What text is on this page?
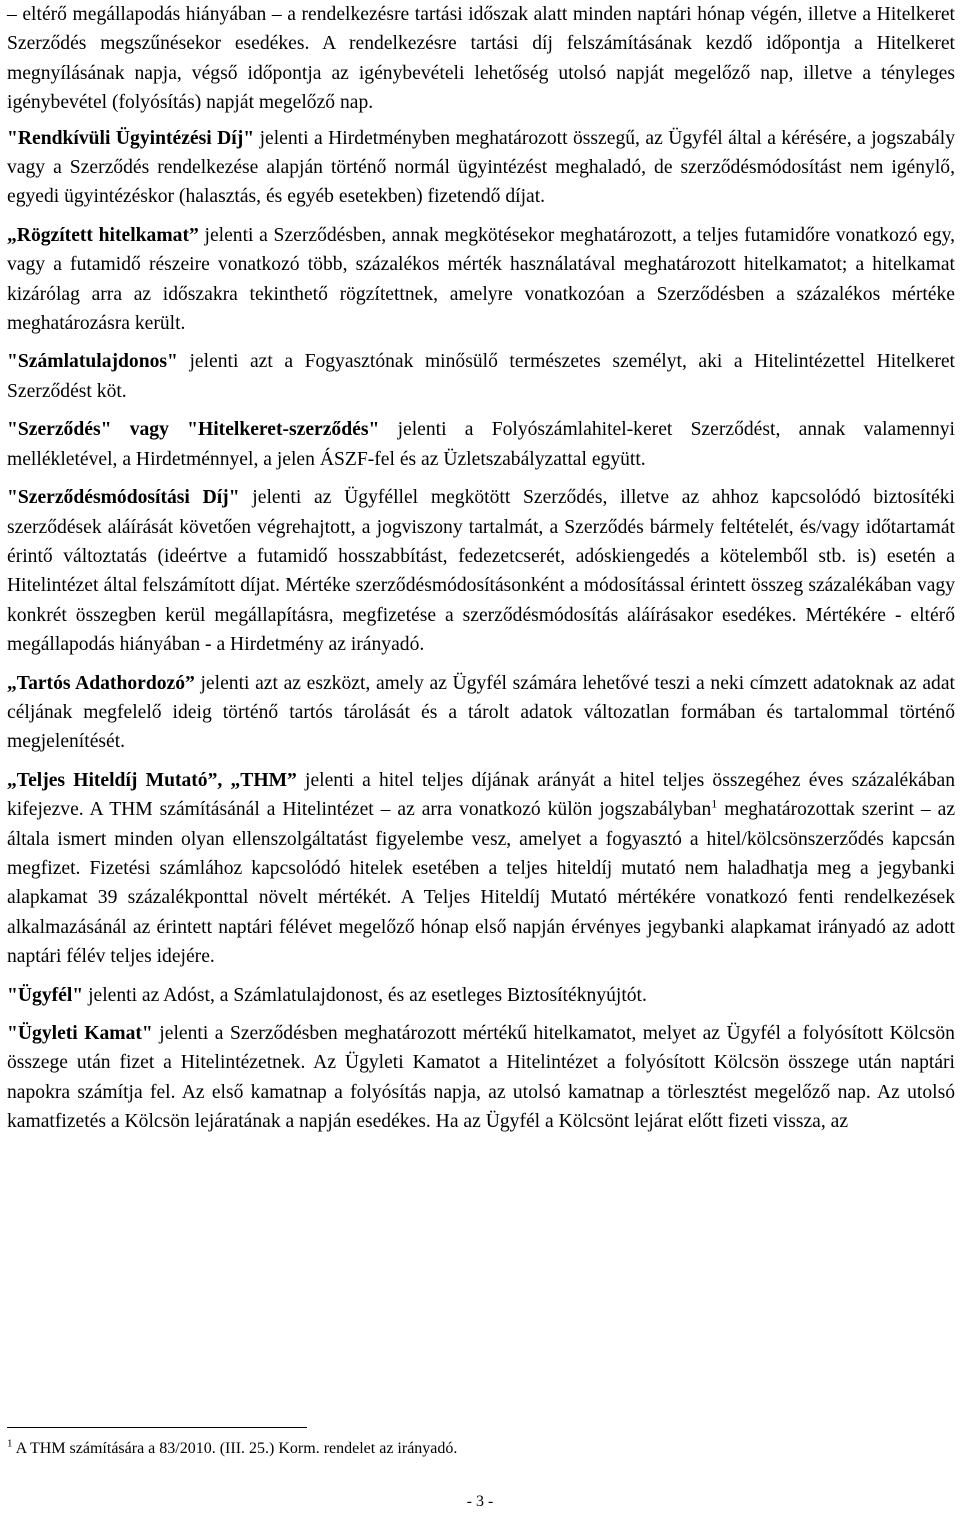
– eltérő megállapodás hiányában – a rendelkezésre tartási időszak alatt minden naptári hónap végén, illetve a Hitelkeret Szerződés megszűnésekor esedékes. A rendelkezésre tartási díj felszámításának kezdő időpontja a Hitelkeret megnyílásának napja, végső időpontja az igénybevételi lehetőség utolsó napját megelőző nap, illetve a tényleges igénybevétel (folyósítás) napját megelőző nap.

"Rendkívüli Ügyintézési Díj" jelenti a Hirdetményben meghatározott összegű, az Ügyfél által a kérésére, a jogszabály vagy a Szerződés rendelkezése alapján történő normál ügyintézést meghaladó, de szerződésmódosítást nem igénylő, egyedi ügyintézéskor (halasztás, és egyéb esetekben) fizetendő díjat.

„Rögzített hitelkamat” jelenti a Szerződésben, annak megkötésekor meghatározott, a teljes futamidőre vonatkozó egy, vagy a futamidő részeire vonatkozó több, százalékos mérték használatával meghatározott hitelkamatot; a hitelkamat kizárólag arra az időszakra tekinthető rögzítettnek, amelyre vonatkozóan a Szerződésben a százalékos mértéke meghatározásra került.

"Számlatulajdonos" jelenti azt a Fogyasztónak minősülő természetes személyt, aki a Hitelintézettel Hitelkeret Szerződést köt.

"Szerződés" vagy "Hitelkeret-szerződés" jelenti a Folyószámlahitel-keret Szerződést, annak valamennyi mellékletével, a Hirdetménnyel, a jelen ÁSZF-fel és az Üzletszabályzattal együtt.

"Szerződésmódosítási Díj" jelenti az Ügyféllel megkötött Szerződés, illetve az ahhoz kapcsolódó biztosítéki szerződések aláírását követően végrehajtott, a jogviszony tartalmát, a Szerződés bármely feltételét, és/vagy időtartamát érintő változtatás (ideértve a futamidő hosszabbítást, fedezetcserét, adóskiengedés a kötelemből stb. is) esetén a Hitelintézet által felszámított díjat. Mértéke szerződésmódosításonként a módosítással érintett összeg százalékában vagy konkrét összegben kerül megállapításra, megfizetése a szerződésmódosítás aláírásakor esedékes. Mértékére - eltérő megállapodás hiányában - a Hirdetmény az irányadó.

„Tartós Adathordozó” jelenti azt az eszközt, amely az Ügyfél számára lehetővé teszi a neki címzett adatoknak az adat céljának megfelelő ideig történő tartós tárolását és a tárolt adatok változatlan formában és tartalommal történő megjelenítését.

„Teljes Hiteldíj Mutató”, „THM” jelenti a hitel teljes díjának arányát a hitel teljes összegéhez éves százalékában kifejezve. A THM számításánál a Hitelintézet – az arra vonatkozó külön jogszabályban$^1$ meghatározottak szerint – az általa ismert minden olyan ellenszolgáltatást figyelembe vesz, amelyet a fogyasztó a hitel/kölcsönszerződés kapcsán megfizet. Fizetési számlához kapcsolódó hitelek esetében a teljes hiteldíj mutató nem haladhatja meg a jegybanki alapkamat 39 százalékponttal növelt mértékét. A Teljes Hiteldíj Mutató mértékére vonatkozó fenti rendelkezések alkalmazásánál az érintett naptári félévet megelőző hónap első napján érvényes jegybanki alapkamat irányadó az adott naptári félév teljes idejére.

"Ügyfél" jelenti az Adóst, a Számlatulajdonost, és az esetleges Biztosítéknyújtót.

"Ügyleti Kamat" jelenti a Szerződésben meghatározott mértékű hitelkamatot, melyet az Ügyfél a folyósított Kölcsön összege után fizet a Hitelintézetnek. Az Ügyleti Kamatot a Hitelintézet a folyósított Kölcsön összege után naptári napokra számítja fel. Az első kamatnap a folyósítás napja, az utolsó kamatnap a törlesztést megelőző nap. Az utolsó kamatfizetés a Kölcsön lejáratának a napján esedékes. Ha az Ügyfél a Kölcsönt lejárat előtt fizeti vissza, az

$^1$ A THM számítására a 83/2010. (III. 25.) Korm. rendelet az irányadó.
- 3 -
